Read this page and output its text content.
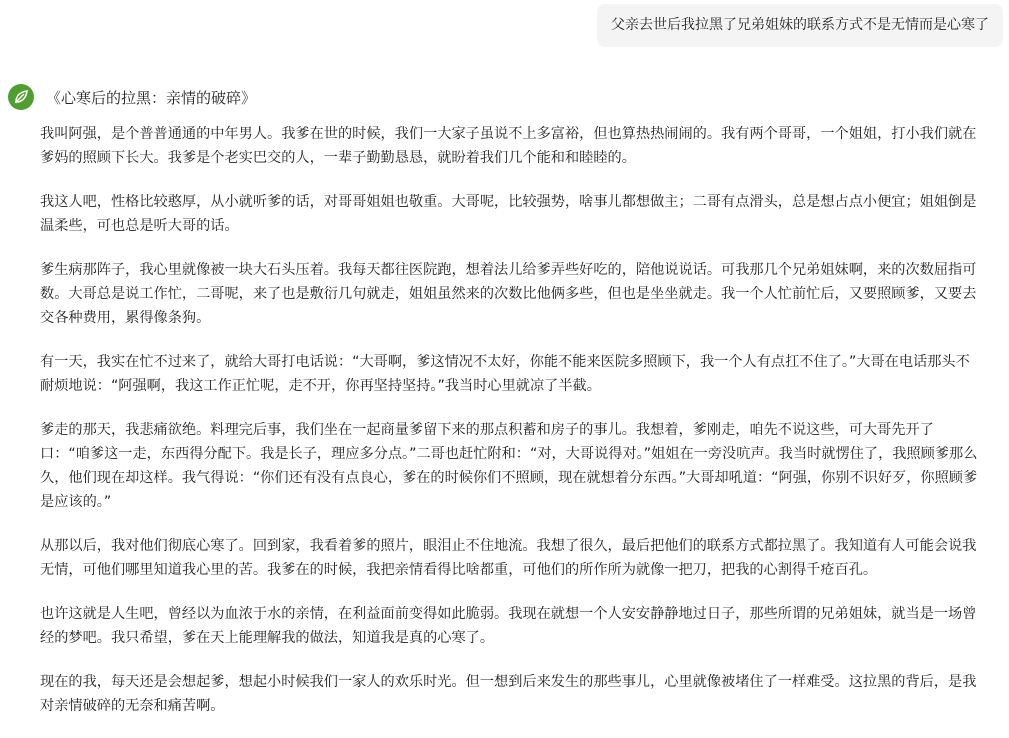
父亲去世后我拉黑了兄弟姐妹的联系方式不是无情而是心寒了
《心寒后的拉黑：亲情的破碎》

我叫阿强，是个普普通通的中年男人。我爹在世的时候，我们一大家子虽说不上多富裕，但也算热热闹闹的。我有两个哥哥，一个姐姐，打小我们就在爹妈的照顾下长大。我爹是个老实巴交的人，一辈子勤勤恳恳，就盼着我们几个能和和睦睦的。

我这人吧，性格比较憨厚，从小就听爹的话，对哥哥姐姐也敬重。大哥呢，比较强势，啥事儿都想做主；二哥有点滑头，总是想占点小便宜；姐姐倒是温柔些，可也总是听大哥的话。

爹生病那阵子，我心里就像被一块大石头压着。我每天都往医院跑，想着法儿给爹弄些好吃的，陪他说说话。可我那几个兄弟姐妹啊，来的次数屈指可数。大哥总是说工作忙，二哥呢，来了也是敷衍几句就走，姐姐虽然来的次数比他俩多些，但也是坐坐就走。我一个人忙前忙后，又要照顾爹，又要去交各种费用，累得像条狗。

有一天，我实在忙不过来了，就给大哥打电话说：“大哥啊，爹这情况不太好，你能不能来医院多照顾下，我一个人有点扛不住了。”大哥在电话那头不耐烦地说：“阿强啊，我这工作正忙呢，走不开，你再坚持坚持。”我当时心里就凉了半截。

爹走的那天，我悲痛欲绝。料理完后事，我们坐在一起商量爹留下来的那点积蓄和房子的事儿。我想着，爹刚走，咱先不说这些，可大哥先开了口：“咱爹这一走，东西得分配下。我是长子，理应多分点。”二哥也赶忙附和：“对，大哥说得对。”姐姐在一旁没吭声。我当时就愣住了，我照顾爹那么久，他们现在却这样。我气得说：“你们还有没有点良心，爹在的时候你们不照顾，现在就想着分东西。”大哥却吼道：“阿强，你别不识好歹，你照顾爹是应该的。”

从那以后，我对他们彻底心寒了。回到家，我看着爹的照片，眼泪止不住地流。我想了很久，最后把他们的联系方式都拉黑了。我知道有人可能会说我无情，可他们哪里知道我心里的苦。我爹在的时候，我把亲情看得比啥都重，可他们的所作所为就像一把刀，把我的心割得千疮百孔。

也许这就是人生吧，曾经以为血浓于水的亲情，在利益面前变得如此脆弱。我现在就想一个人安安静静地过日子，那些所谓的兄弟姐妹，就当是一场曾经的梦吧。我只希望，爹在天上能理解我的做法，知道我是真的心寒了。

现在的我，每天还是会想起爹，想起小时候我们一家人的欢乐时光。但一想到后来发生的那些事儿，心里就像被堵住了一样难受。这拉黑的背后，是我对亲情破碎的无奈和痛苦啊。
